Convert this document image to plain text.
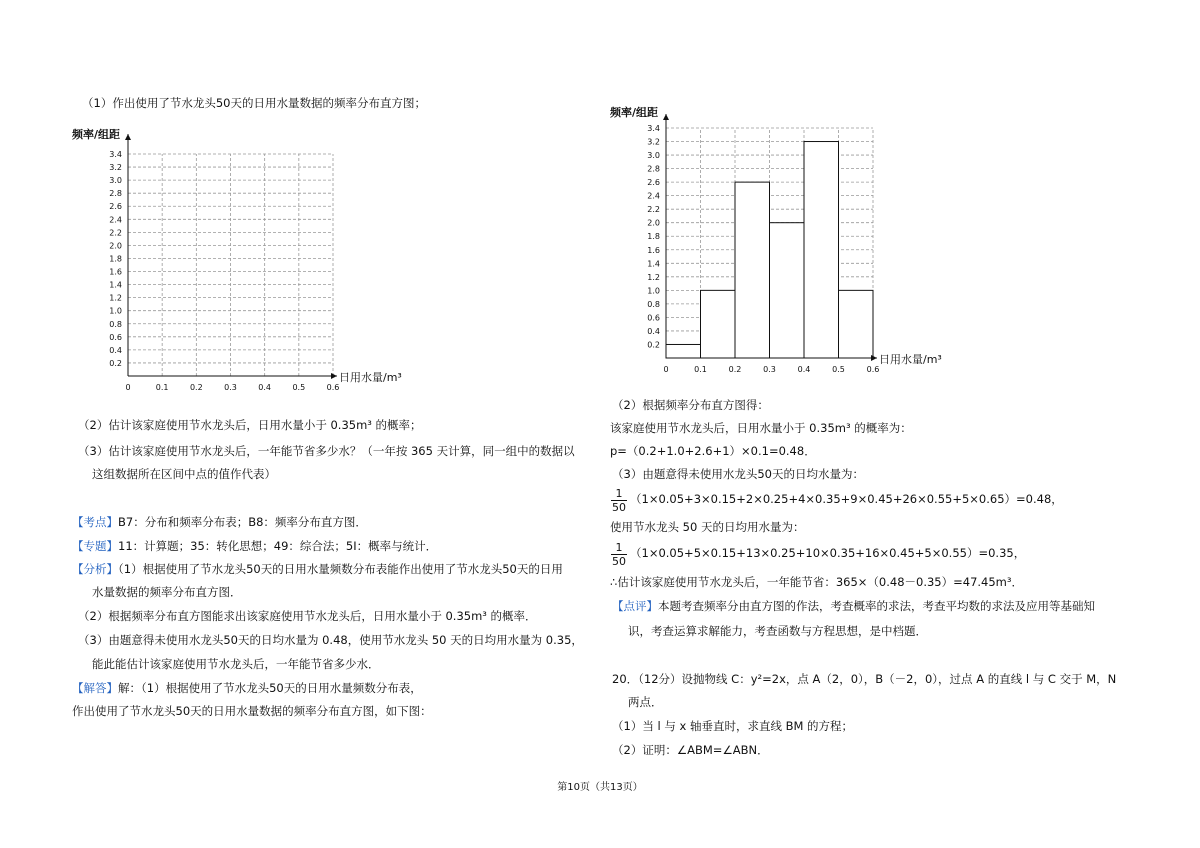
（1）作出使用了节水龙头50天的日用水量数据的频率分布直方图；
0.2
0.4
0.6
0.8
1.0
1.2
1.4
1.6
1.8
2.0
2.2
2.4
2.6
2.8
3.0
3.2
3.4
0	0.1	0.2	0.3	0.4	0.5	0.6
频率/组距
日用水量/m³
（2）估计该家庭使用节水龙头后，日用水量小于 0.35m³ 的概率；
（3）估计该家庭使用节水龙头后，一年能节省多少水？（一年按 365 天计算，同一组中的数据以
这组数据所在区间中点的值作代表）
【考点】B7：分布和频率分布表；B8：频率分布直方图．
【专题】11：计算题；35：转化思想；49：综合法；5I：概率与统计．
【分析】（1）根据使用了节水龙头50天的日用水量频数分布表能作出使用了节水龙头50天的日用
水量数据的频率分布直方图．
（2）根据频率分布直方图能求出该家庭使用节水龙头后，日用水量小于 0.35m³ 的概率．
（3）由题意得未使用水龙头50天的日均水量为 0.48，使用节水龙头 50 天的日均用水量为 0.35，
能此能估计该家庭使用节水龙头后，一年能节省多少水．
【解答】解：（1）根据使用了节水龙头50天的日用水量频数分布表，
作出使用了节水龙头50天的日用水量数据的频率分布直方图，如下图：
0.2
0.4
0.6
0.8
1.0
1.2
1.4
1.6
1.8
2.0
2.2
2.4
2.6
2.8
3.0
3.2
3.4
0	0.1	0.2	0.3	0.4	0.5	0.6
频率/组距
日用水量/m³
（2）根据频率分布直方图得：
该家庭使用节水龙头后，日用水量小于 0.35m³ 的概率为：
p=（0.2+1.0+2.6+1）×0.1=0.48．
（3）由题意得未使用水龙头50天的日均水量为：
$\frac{1}{50} (1\times 0.05+3\times 0.15+2\times 0.25+4\times 0.35+9\times 0.45+26\times 0.55+5\times 0.65)=0.48$，
使用节水龙头 50 天的日均用水量为：
$\frac{1}{50} (1\times 0.05+5\times 0.15+13\times 0.25+10\times 0.35+16\times 0.45+5\times 0.55)=0.35$，
∴估计该家庭使用节水龙头后，一年能节省：365×（0.48－0.35）=47.45m³．
【点评】本题考查频率分由直方图的作法，考查概率的求法，考查平均数的求法及应用等基础知
识，考查运算求解能力，考查函数与方程思想，是中档题．
20．（12分）设抛物线 C：y²=2x，点 A（2，0），B（－2，0），过点 A 的直线 l 与 C 交于 M，N
两点．
（1）当 l 与 x 轴垂直时，求直线 BM 的方程；
（2）证明：∠ABM=∠ABN．
第10页（共13页）
